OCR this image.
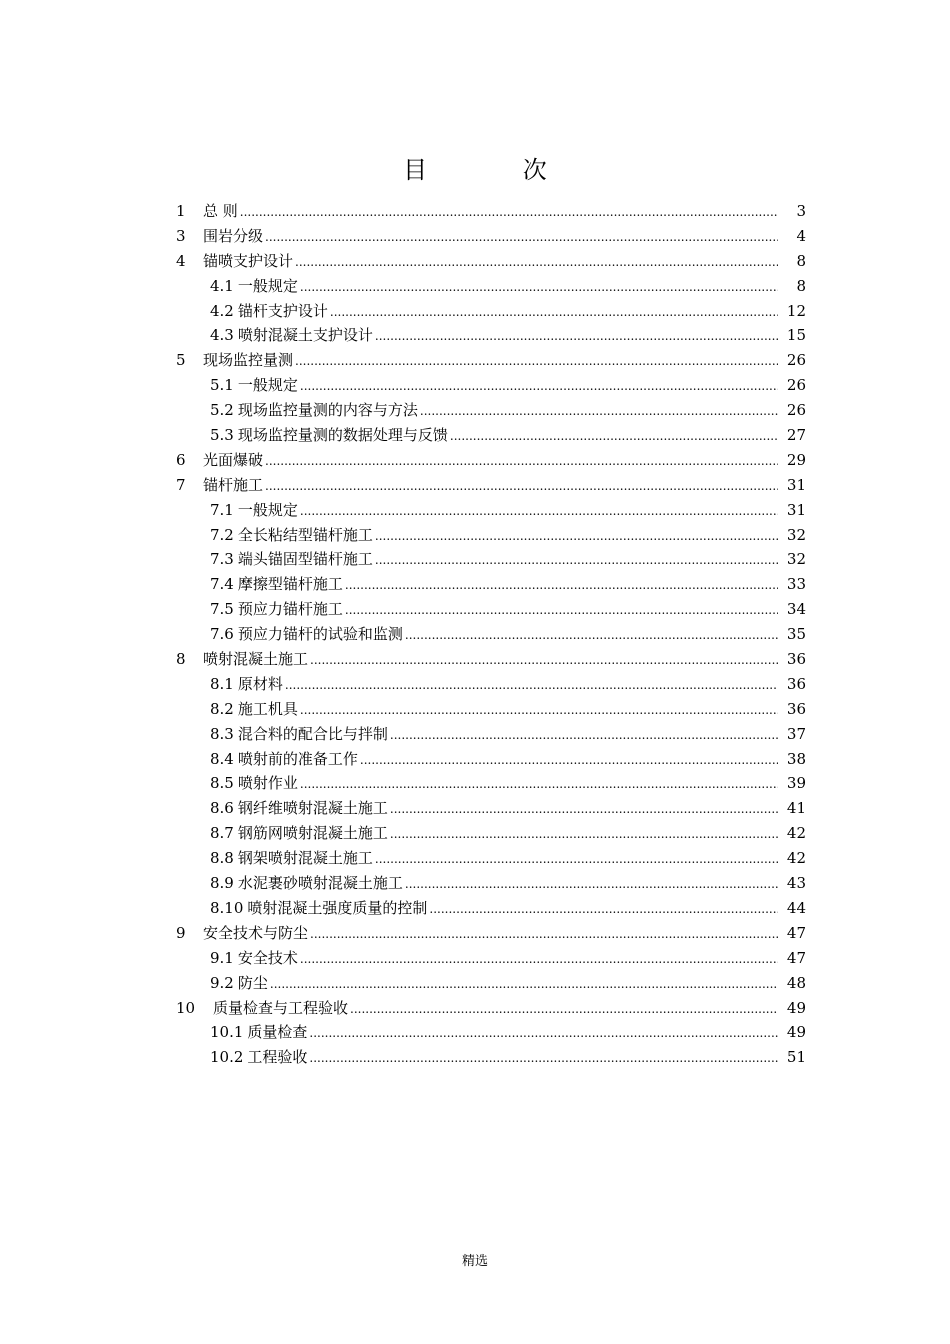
目 次
1	总 则 .....	3
3	围岩分级 .....	4
4	锚喷支护设计 .....	8
4.1 一般规定 .....	8
4.2 锚杆支护设计 .....	12
4.3 喷射混凝土支护设计 .....	15
5	现场监控量测 .....	26
5.1 一般规定 .....	26
5.2 现场监控量测的内容与方法 .....	26
5.3 现场监控量测的数据处理与反馈 .....	27
6	光面爆破 .....	29
7	锚杆施工 .....	31
7.1 一般规定 .....	31
7.2 全长粘结型锚杆施工 .....	32
7.3 端头锚固型锚杆施工 .....	32
7.4 摩擦型锚杆施工 .....	33
7.5 预应力锚杆施工 .....	34
7.6 预应力锚杆的试验和监测 .....	35
8	喷射混凝土施工 .....	36
8.1 原材料 .....	36
8.2 施工机具 .....	36
8.3 混合料的配合比与拌制 .....	37
8.4 喷射前的准备工作 .....	38
8.5 喷射作业 .....	39
8.6 钢纤维喷射混凝土施工 .....	41
8.7 钢筋网喷射混凝土施工 .....	42
8.8 钢架喷射混凝土施工 .....	42
8.9 水泥裹砂喷射混凝土施工 .....	43
8.10 喷射混凝土强度质量的控制 .....	44
9	安全技术与防尘 .....	47
9.1 安全技术 .....	47
9.2 防尘 .....	48
10	质量检查与工程验收 .....	49
10.1 质量检查 .....	49
10.2 工程验收 .....	51
精选
